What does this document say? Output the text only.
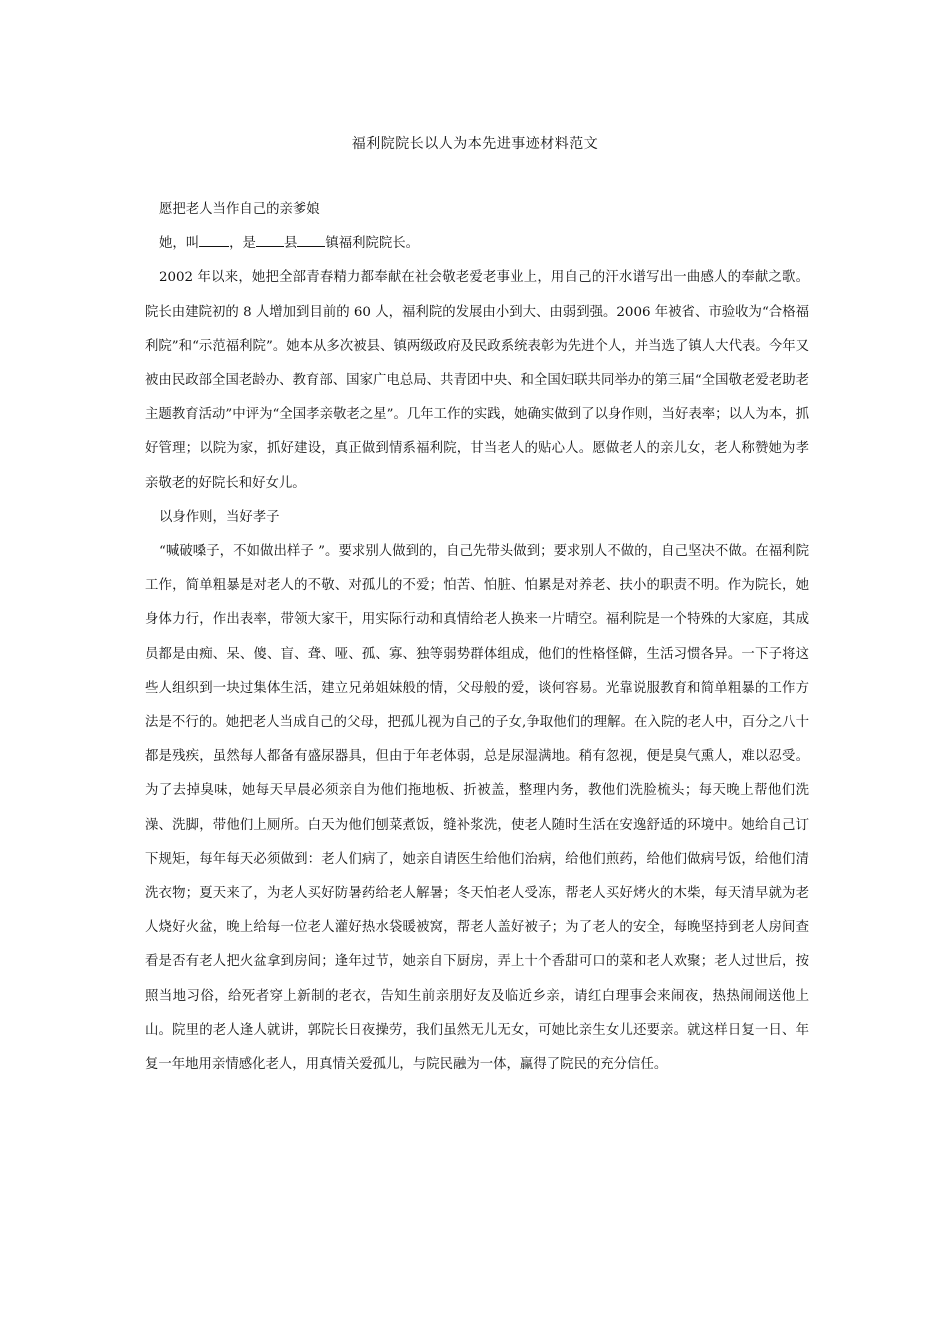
福利院院长以人为本先进事迹材料范文

愿把老人当作自己的亲爹娘

她，叫 ，是 县 镇福利院院长。

2002 年以来，她把全部青春精力都奉献在社会敬老爱老事业上，用自己的汗水谱写出一曲感人的奉献之歌。院长由建院初的 8 人增加到目前的 60 人，福利院的发展由小到大、由弱到强。2006 年被省、市验收为“合格福利院”和“示范福利院”。她本从多次被县、镇两级政府及民政系统表彰为先进个人，并当选了镇人大代表。今年又被由民政部全国老龄办、教育部、国家广电总局、共青团中央、和全国妇联共同举办的第三届“全国敬老爱老助老主题教育活动”中评为“全国孝亲敬老之星”。几年工作的实践，她确实做到了以身作则，当好表率；以人为本，抓好管理；以院为家，抓好建设，真正做到情系福利院，甘当老人的贴心人。愿做老人的亲儿女，老人称赞她为孝亲敬老的好院长和好女儿。

以身作则，当好孝子

“喊破嗓子，不如做出样子 ”。要求别人做到的，自己先带头做到；要求别人不做的，自己坚决不做。在福利院工作，简单粗暴是对老人的不敬、对孤儿的不爱；怕苦、怕脏、怕累是对养老、扶小的职责不明。作为院长，她身体力行，作出表率，带领大家干，用实际行动和真情给老人换来一片晴空。福利院是一个特殊的大家庭，其成员都是由痴、呆、傻、盲、聋、哑、孤、寡、独等弱势群体组成，他们的性格怪僻，生活习惯各异。一下子将这些人组织到一块过集体生活，建立兄弟姐妹般的情，父母般的爱，谈何容易。光靠说服教育和简单粗暴的工作方法是不行的。她把老人当成自己的父母，把孤儿视为自己的子女,争取他们的理解。在入院的老人中，百分之八十都是残疾，虽然每人都备有盛尿器具，但由于年老体弱，总是尿湿满地。稍有忽视，便是臭气熏人，难以忍受。为了去掉臭味，她每天早晨必须亲自为他们拖地板、折被盖，整理内务，教他们洗脸梳头；每天晚上帮他们洗澡、洗脚，带他们上厕所。白天为他们刨菜煮饭，缝补浆洗，使老人随时生活在安逸舒适的环境中。她给自己订下规矩，每年每天必须做到：老人们病了，她亲自请医生给他们治病，给他们煎药，给他们做病号饭，给他们清洗衣物；夏天来了，为老人买好防暑药给老人解暑；冬天怕老人受冻，帮老人买好烤火的木柴，每天清早就为老人烧好火盆，晚上给每一位老人灌好热水袋暖被窝，帮老人盖好被子；为了老人的安全，每晚坚持到老人房间查看是否有老人把火盆拿到房间；逢年过节，她亲自下厨房，弄上十个香甜可口的菜和老人欢聚；老人过世后，按照当地习俗，给死者穿上新制的老衣，告知生前亲朋好友及临近乡亲，请红白理事会来闹夜，热热闹闹送他上山。院里的老人逢人就讲，郭院长日夜操劳，我们虽然无儿无女，可她比亲生女儿还要亲。就这样日复一日、年复一年地用亲情感化老人，用真情关爱孤儿，与院民融为一体，赢得了院民的充分信任。
